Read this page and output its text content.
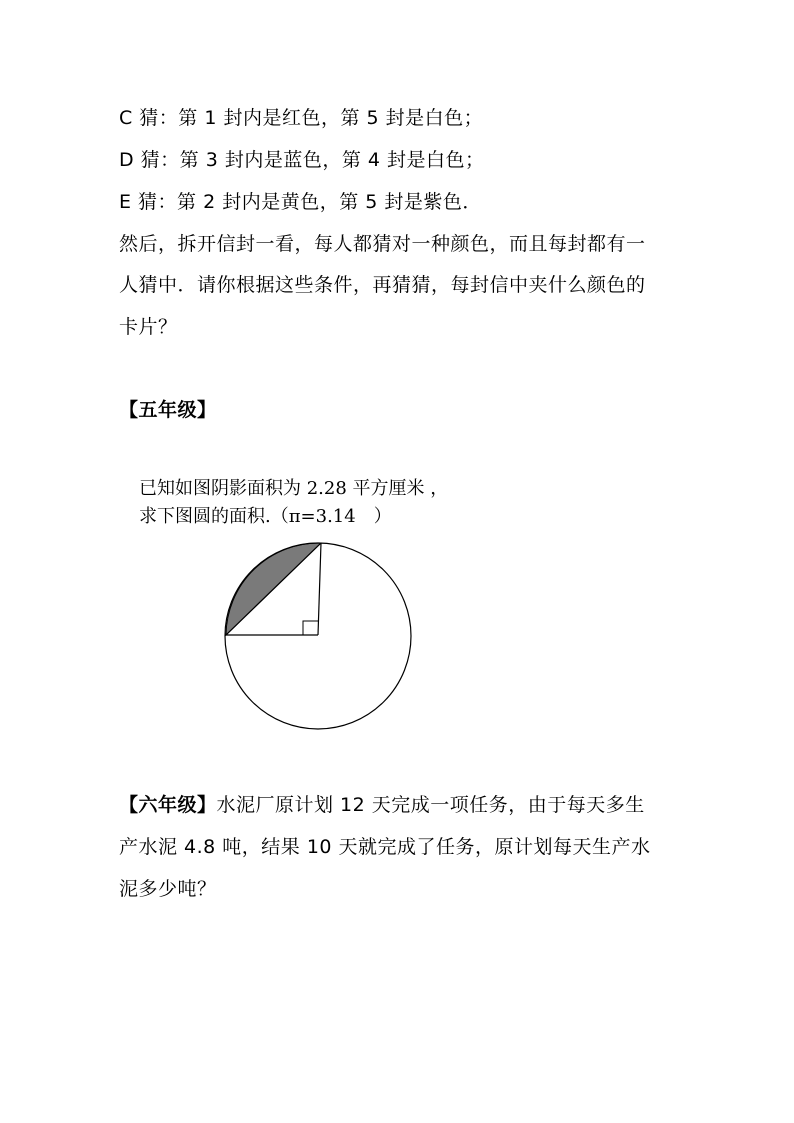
C 猜：第 1 封内是红色，第 5 封是白色；
D 猜：第 3 封内是蓝色，第 4 封是白色；
E 猜：第 2 封内是黄色，第 5 封是紫色．
然后，拆开信封一看，每人都猜对一种颜色，而且每封都有一
人猜中．请你根据这些条件，再猜猜，每封信中夹什么颜色的
卡片？
【五年级】
已知如图阴影面积为 2.28 平方厘米 ，
求下图圆的面积.（π=3.14　）
【六年级】水泥厂原计划 12 天完成一项任务，由于每天多生
产水泥 4.8 吨，结果 10 天就完成了任务，原计划每天生产水
泥多少吨？
